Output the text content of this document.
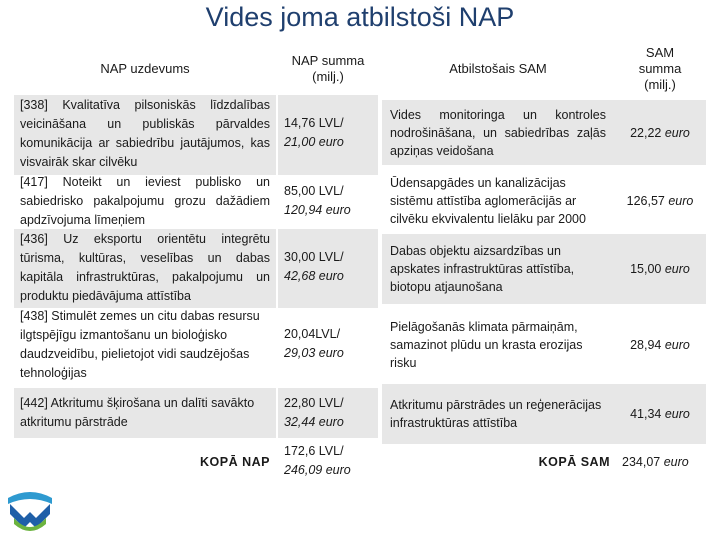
Vides joma atbilstoši NAP
NAP uzdevums
NAP summa (milj.)
[338] Kvalitatīva pilsoniskās līdzdalības veicināšana un publiskās pārvaldes komunikācija ar sabiedrību jautājumos, kas visvairāk skar cilvēku
14,76 LVL/
21,00 euro
[417] Noteikt un ieviest publisko un sabiedrisko pakalpojumu grozu dažādiem apdzīvojuma līmeņiem
85,00 LVL/
120,94 euro
[436] Uz eksportu orientētu integrētu tūrisma, kultūras, veselības un dabas kapitāla infrastruktūras, pakalpojumu un produktu piedāvājuma attīstība
30,00 LVL/
42,68 euro
[438] Stimulēt zemes un citu dabas resursu ilgtspējīgu izmantošanu un bioloģisko daudzveidību, pielietojot vidi saudzējošas tehnoloģijas
20,04LVL/
29,03 euro
[442] Atkritumu šķirošana un dalīti savākto atkritumu pārstrāde
22,80 LVL/
32,44 euro
KOPĀ NAP
172,6 LVL/
246,09 euro
Atbilstošais SAM
SAM summa (milj.)
Vides monitoringa un kontroles nodrošināšana, un sabiedrības zaļās apziņas veidošana
22,22
euro
Ūdensapgādes un kanalizācijas sistēmu attīstība aglomerācijās ar cilvēku ekvivalentu lielāku par 2000
126,57
euro
Dabas objektu aizsardzības un apskates infrastruktūras attīstība, biotopu atjaunošana
15,00
euro
Pielāgošanās klimata pārmaiņām, samazinot plūdu un krasta erozijas risku
28,94
euro
Atkritumu pārstrādes un reģenerācijas infrastruktūras attīstība
41,34
euro
KOPĀ SAM 234,07 euro
